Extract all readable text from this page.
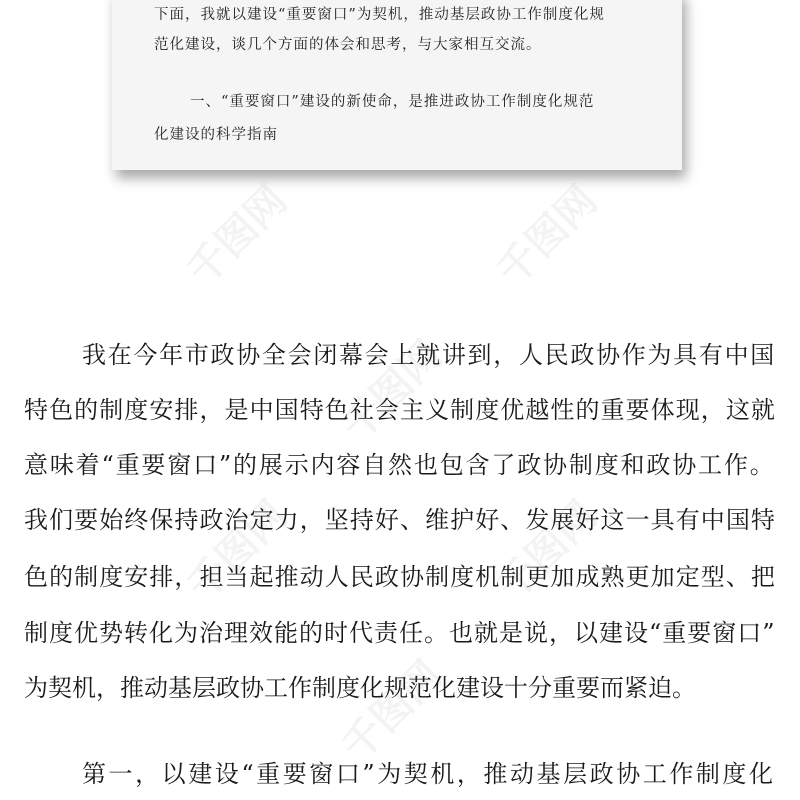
下面，我就以建设“重要窗口”为契机，推动基层政协工作制度化规
范化建设，谈几个方面的体会和思考，与大家相互交流。
一、“重要窗口”建设的新使命，是推进政协工作制度化规范
化建设的科学指南
千图网	千图网
千图网
千图网	千图网
千图网
我在今年市政协全会闭幕会上就讲到，人民政协作为具有中国
特色的制度安排，是中国特色社会主义制度优越性的重要体现，这就
意味着“重要窗口”的展示内容自然也包含了政协制度和政协工作。
我们要始终保持政治定力，坚持好、维护好、发展好这一具有中国特
色的制度安排，担当起推动人民政协制度机制更加成熟更加定型、把
制度优势转化为治理效能的时代责任。也就是说，以建设“重要窗口”
为契机，推动基层政协工作制度化规范化建设十分重要而紧迫。
第一，以建设“重要窗口”为契机，推动基层政协工作制度化
